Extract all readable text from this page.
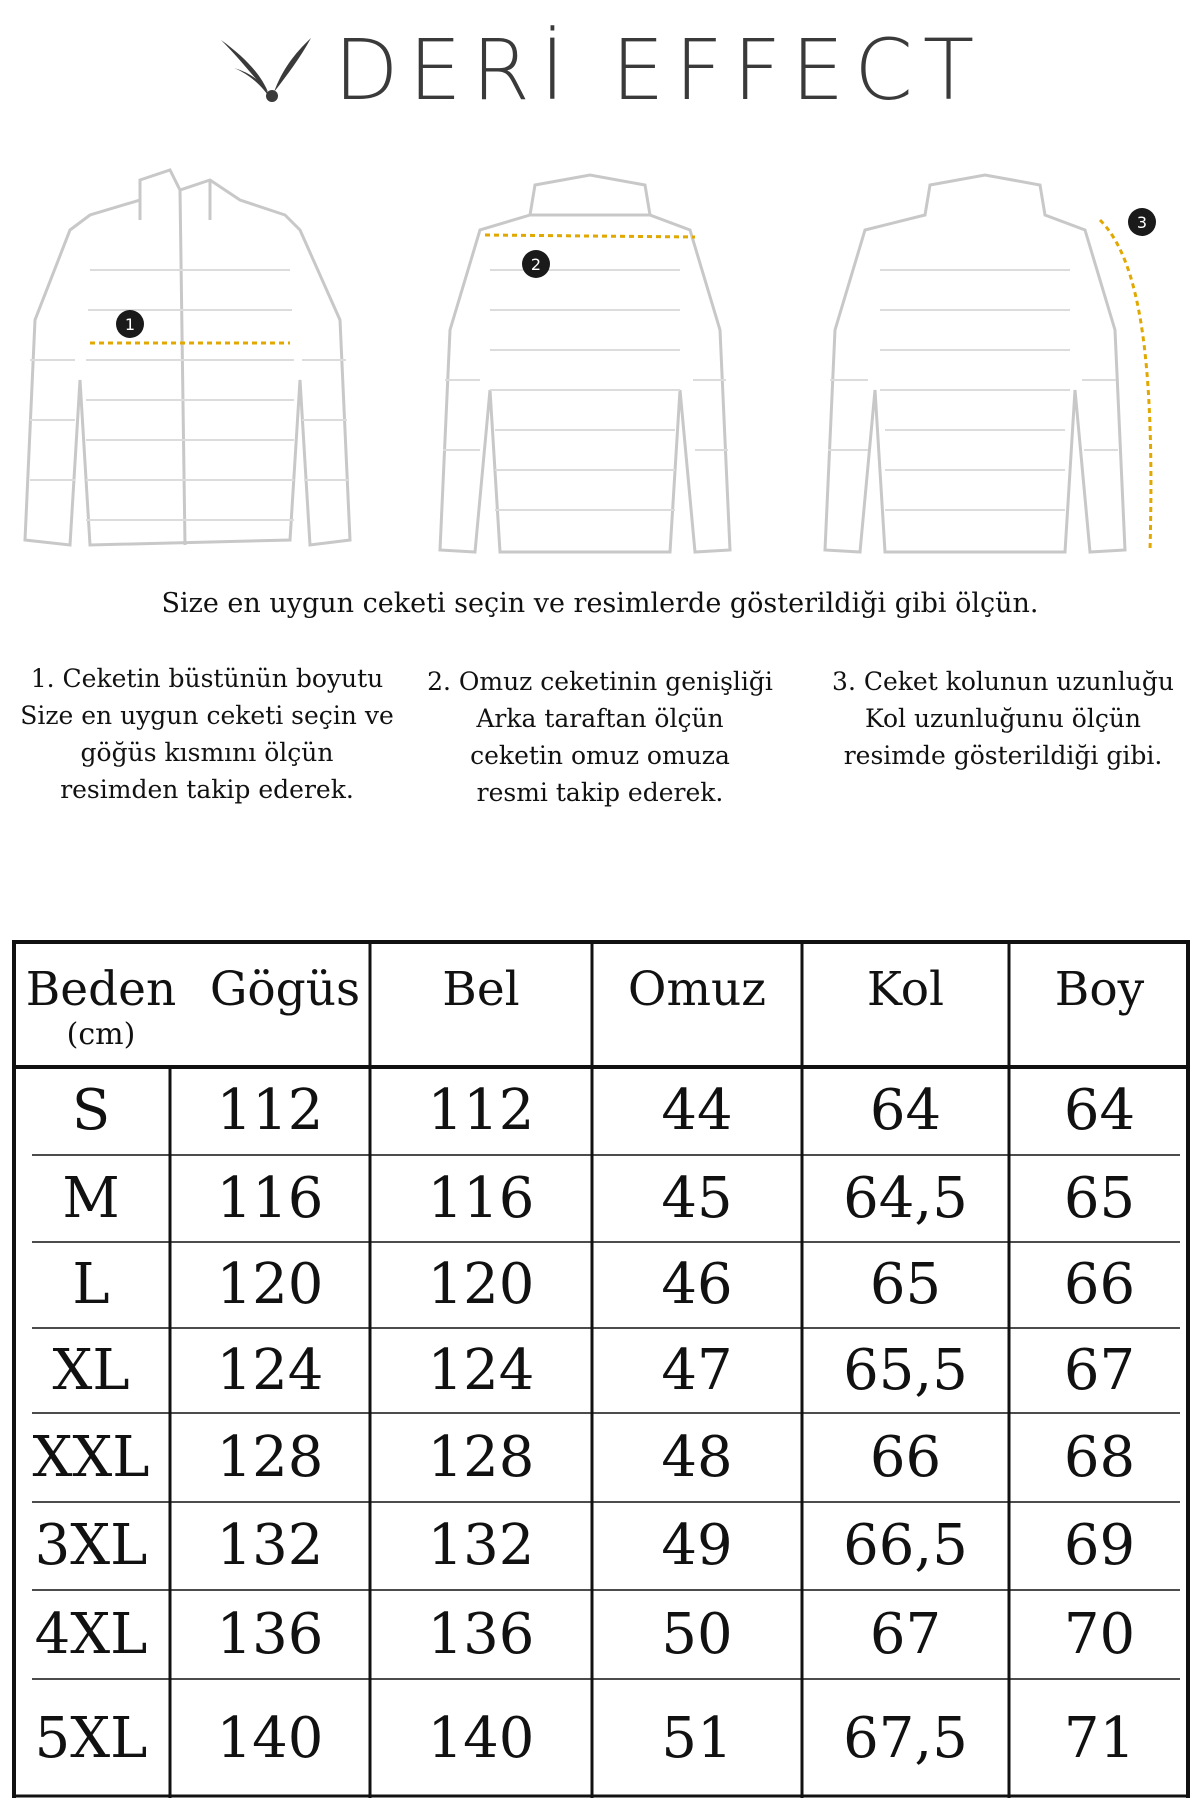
DERİ EFFECT
1
2
3
Size en uygun ceketi seçin ve resimlerde gösterildiği gibi ölçün.
1. Ceketin büstünün boyutu
Size en uygun ceketi seçin ve
göğüs kısmını ölçün
resimden takip ederek.
2. Omuz ceketinin genişliği
Arka taraftan ölçün
ceketin omuz omuza
resmi takip ederek.
3. Ceket kolunun uzunluğu
Kol uzunluğunu ölçün
resimde gösterildiği gibi.
Beden Gögüs	Bel	Omuz	Kol	Boy
(cm)
S	112	112	44	64	64
M	116	116	45	64,5	65
L	120	120	46	65	66
XL	124	124	47	65,5	67
XXL	128	128	48	66	68
3XL	132	132	49	66,5	69
4XL	136	136	50	67	70
5XL	140	140	51	67,5	71
